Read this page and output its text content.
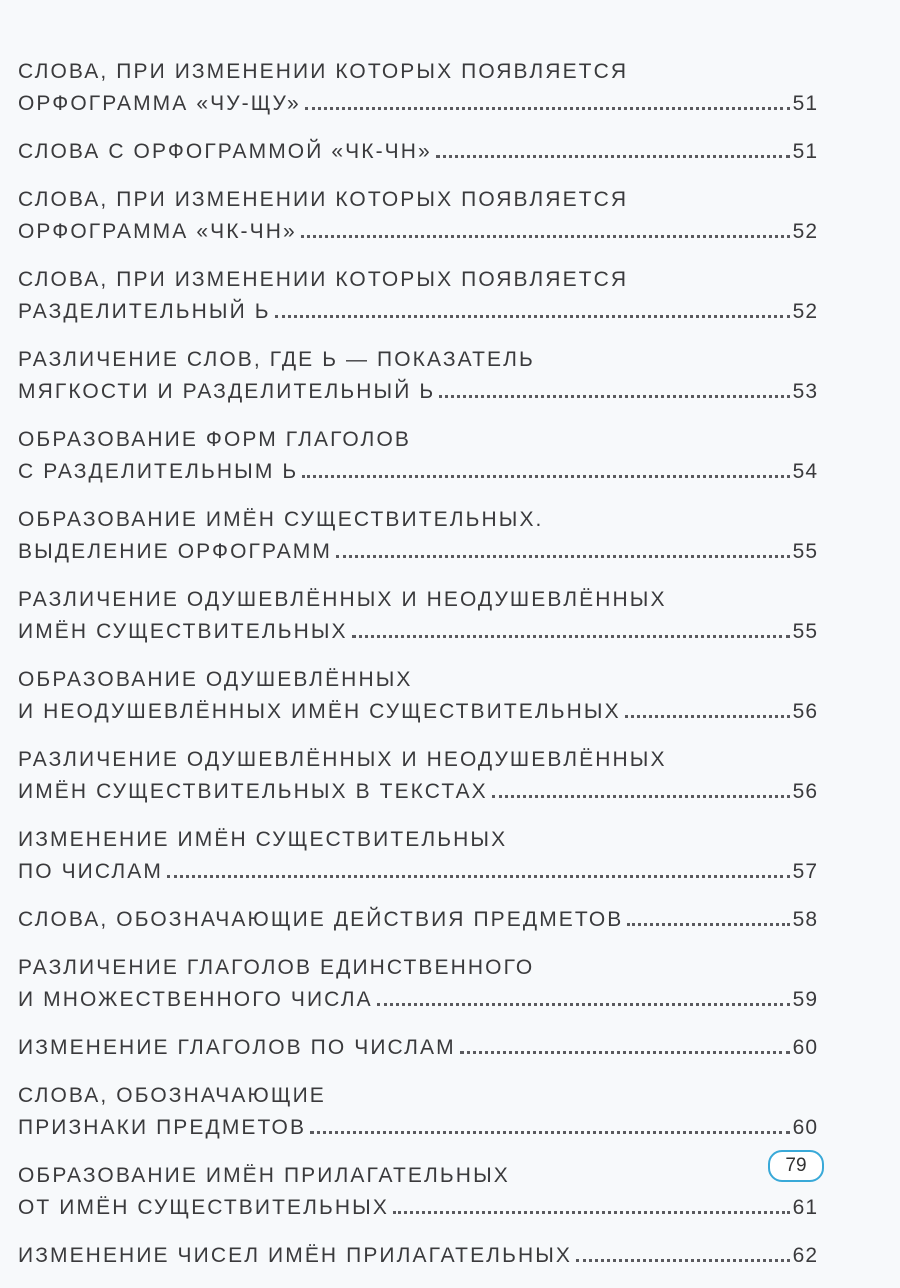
СЛОВА, ПРИ ИЗМЕНЕНИИ КОТОРЫХ ПОЯВЛЯЕТСЯ
ОРФОГРАММА «ЧУ-ЩУ»	51
СЛОВА С ОРФОГРАММОЙ «ЧК-ЧН»	51
СЛОВА, ПРИ ИЗМЕНЕНИИ КОТОРЫХ ПОЯВЛЯЕТСЯ
ОРФОГРАММА «ЧК-ЧН»	52
СЛОВА, ПРИ ИЗМЕНЕНИИ КОТОРЫХ ПОЯВЛЯЕТСЯ
РАЗДЕЛИТЕЛЬНЫЙ Ь	52
РАЗЛИЧЕНИЕ СЛОВ, ГДЕ Ь — ПОКАЗАТЕЛЬ
МЯГКОСТИ И РАЗДЕЛИТЕЛЬНЫЙ Ь	53
ОБРАЗОВАНИЕ ФОРМ ГЛАГОЛОВ
С РАЗДЕЛИТЕЛЬНЫМ Ь	54
ОБРАЗОВАНИЕ ИМЁН СУЩЕСТВИТЕЛЬНЫХ.
ВЫДЕЛЕНИЕ ОРФОГРАММ	55
РАЗЛИЧЕНИЕ ОДУШЕВЛЁННЫХ И НЕОДУШЕВЛЁННЫХ
ИМЁН СУЩЕСТВИТЕЛЬНЫХ	55
ОБРАЗОВАНИЕ ОДУШЕВЛЁННЫХ
И НЕОДУШЕВЛЁННЫХ ИМЁН СУЩЕСТВИТЕЛЬНЫХ	56
РАЗЛИЧЕНИЕ ОДУШЕВЛЁННЫХ И НЕОДУШЕВЛЁННЫХ
ИМЁН СУЩЕСТВИТЕЛЬНЫХ В ТЕКСТАХ	56
ИЗМЕНЕНИЕ ИМЁН СУЩЕСТВИТЕЛЬНЫХ
ПО ЧИСЛАМ	57
СЛОВА, ОБОЗНАЧАЮЩИЕ ДЕЙСТВИЯ ПРЕДМЕТОВ	58
РАЗЛИЧЕНИЕ ГЛАГОЛОВ ЕДИНСТВЕННОГО
И МНОЖЕСТВЕННОГО ЧИСЛА	59
ИЗМЕНЕНИЕ ГЛАГОЛОВ ПО ЧИСЛАМ	60
СЛОВА, ОБОЗНАЧАЮЩИЕ
ПРИЗНАКИ ПРЕДМЕТОВ	60
ОБРАЗОВАНИЕ ИМЁН ПРИЛАГАТЕЛЬНЫХ
ОТ ИМЁН СУЩЕСТВИТЕЛЬНЫХ	61
ИЗМЕНЕНИЕ ЧИСЕЛ ИМЁН ПРИЛАГАТЕЛЬНЫХ	62
79
